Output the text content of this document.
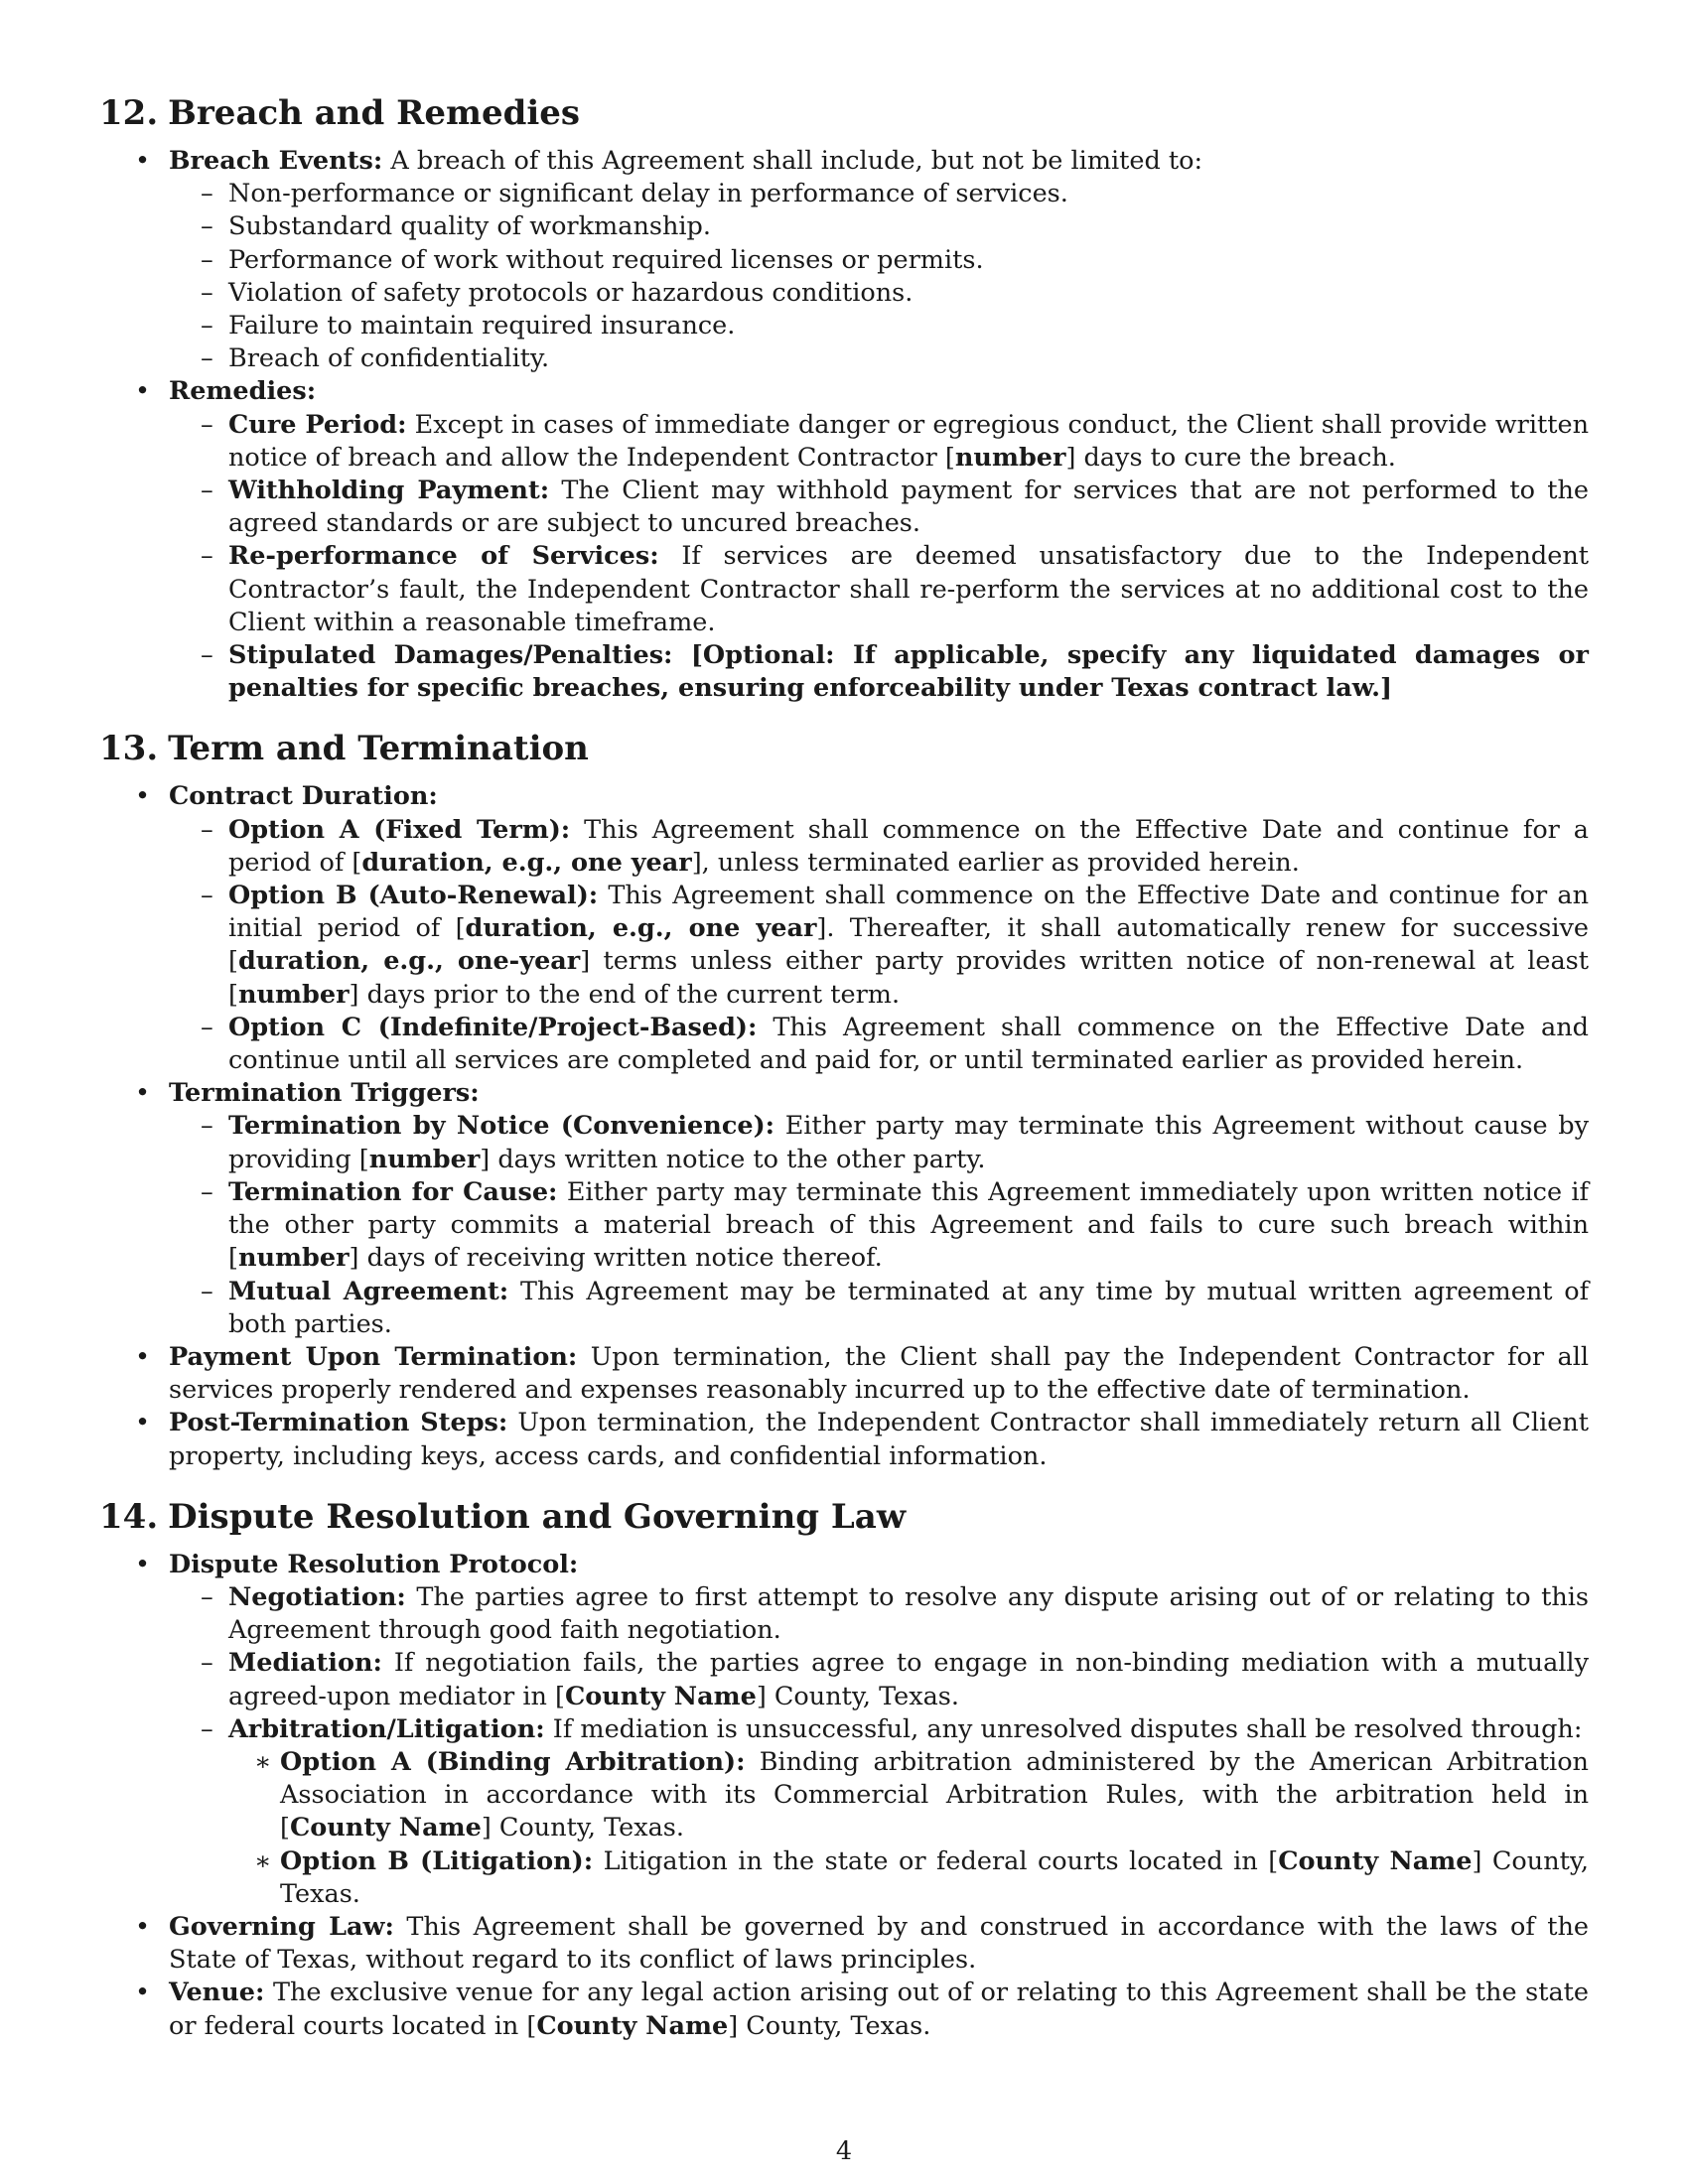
12. Breach and Remedies
• Breach Events: A breach of this Agreement shall include, but not be limited to:
– Non-performance or significant delay in performance of services.
– Substandard quality of workmanship.
– Performance of work without required licenses or permits.
– Violation of safety protocols or hazardous conditions.
– Failure to maintain required insurance.
– Breach of confidentiality.
• Remedies:
– Cure Period: Except in cases of immediate danger or egregious conduct, the Client shall provide written notice of breach and allow the Independent Contractor [number] days to cure the breach.
– Withholding Payment: The Client may withhold payment for services that are not performed to the agreed standards or are subject to uncured breaches.
– Re-performance of Services: If services are deemed unsatisfactory due to the Independent Contractor’s fault, the Independent Contractor shall re-perform the services at no additional cost to the Client within a reasonable timeframe.
– Stipulated Damages/Penalties: [Optional: If applicable, specify any liquidated damages or penalties for specific breaches, ensuring enforceability under Texas contract law.]
13. Term and Termination
• Contract Duration:
– Option A (Fixed Term): This Agreement shall commence on the Effective Date and continue for a period of [duration, e.g., one year], unless terminated earlier as provided herein.
– Option B (Auto-Renewal): This Agreement shall commence on the Effective Date and continue for an initial period of [duration, e.g., one year]. Thereafter, it shall automatically renew for successive [duration, e.g., one-year] terms unless either party provides written notice of non-renewal at least [number] days prior to the end of the current term.
– Option C (Indefinite/Project-Based): This Agreement shall commence on the Effective Date and continue until all services are completed and paid for, or until terminated earlier as provided herein.
• Termination Triggers:
– Termination by Notice (Convenience): Either party may terminate this Agreement without cause by providing [number] days written notice to the other party.
– Termination for Cause: Either party may terminate this Agreement immediately upon written notice if the other party commits a material breach of this Agreement and fails to cure such breach within [number] days of receiving written notice thereof.
– Mutual Agreement: This Agreement may be terminated at any time by mutual written agreement of both parties.
• Payment Upon Termination: Upon termination, the Client shall pay the Independent Contractor for all services properly rendered and expenses reasonably incurred up to the effective date of termination.
• Post-Termination Steps: Upon termination, the Independent Contractor shall immediately return all Client property, including keys, access cards, and confidential information.
14. Dispute Resolution and Governing Law
• Dispute Resolution Protocol:
– Negotiation: The parties agree to first attempt to resolve any dispute arising out of or relating to this Agreement through good faith negotiation.
– Mediation: If negotiation fails, the parties agree to engage in non-binding mediation with a mutually agreed-upon mediator in [County Name] County, Texas.
– Arbitration/Litigation: If mediation is unsuccessful, any unresolved disputes shall be resolved through:
∗ Option A (Binding Arbitration): Binding arbitration administered by the American Arbitration Association in accordance with its Commercial Arbitration Rules, with the arbitration held in [County Name] County, Texas.
∗ Option B (Litigation): Litigation in the state or federal courts located in [County Name] County, Texas.
• Governing Law: This Agreement shall be governed by and construed in accordance with the laws of the State of Texas, without regard to its conflict of laws principles.
• Venue: The exclusive venue for any legal action arising out of or relating to this Agreement shall be the state or federal courts located in [County Name] County, Texas.
4
